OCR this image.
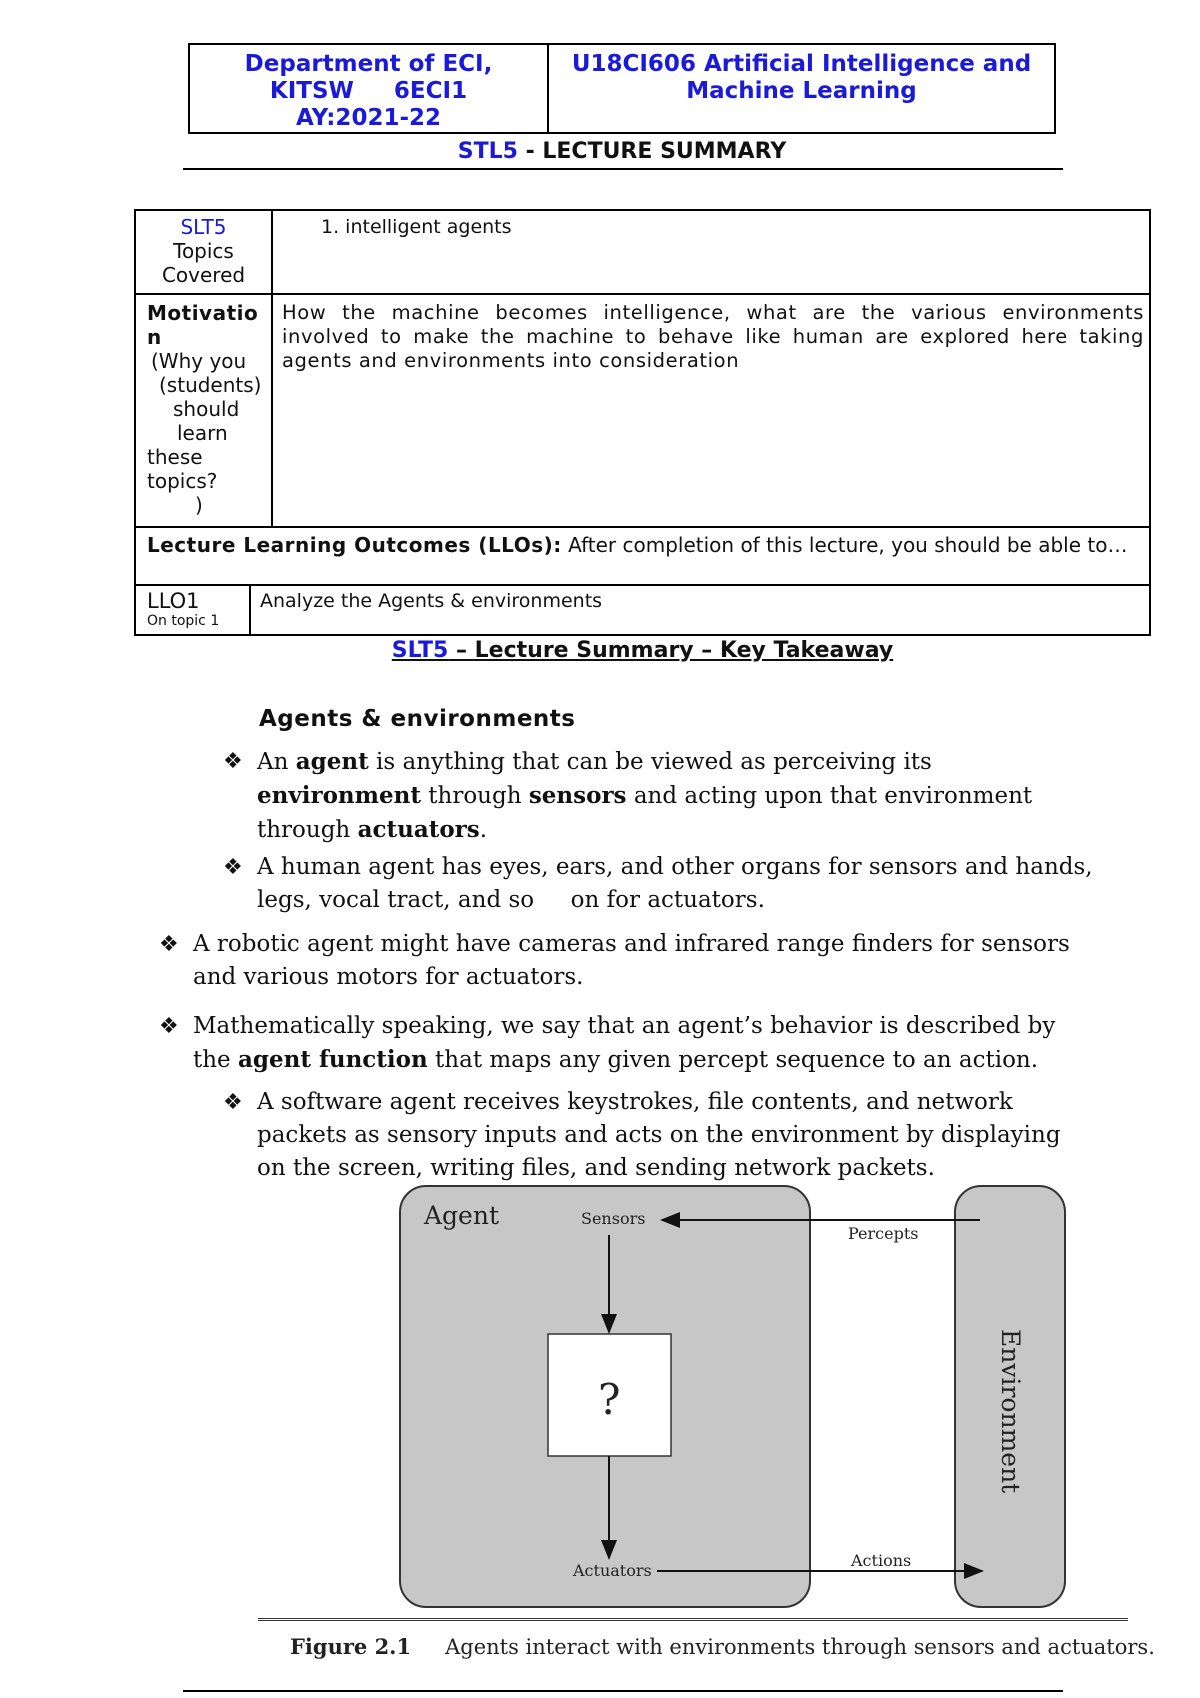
Department of ECI,
KITSW     6ECI1
AY:2021-22
U18CI606 Artificial Intelligence and
Machine Learning
STL5 - LECTURE SUMMARY
SLT5
Topics
Covered
1. intelligent agents
Motivatio n
(Why you
(students)
should
learn
these
topics?
)
How the machine becomes intelligence, what are the various environments involved to make the machine to behave like human are explored here taking agents and environments into consideration
Lecture Learning Outcomes (LLOs): After completion of this lecture, you should be able to…
LLO1
On topic 1
Analyze the Agents & environments
SLT5 – Lecture Summary – Key Takeaway
Agents & environments
❖ An agent is anything that can be viewed as perceiving its
environment through sensors and acting upon that environment
through actuators.
❖ A human agent has eyes, ears, and other organs for sensors and hands,
legs, vocal tract, and so     on for actuators.
❖ A robotic agent might have cameras and infrared range finders for sensors
and various motors for actuators.
❖ Mathematically speaking, we say that an agent’s behavior is described by
the agent function that maps any given percept sequence to an action.
❖ A software agent receives keystrokes, file contents, and network
packets as sensory inputs and acts on the environment by displaying
on the screen, writing files, and sending network packets.
Agent	Sensors
Percepts
?
Actuators
Actions
Environment
Figure 2.1 Agents interact with environments through sensors and actuators.
